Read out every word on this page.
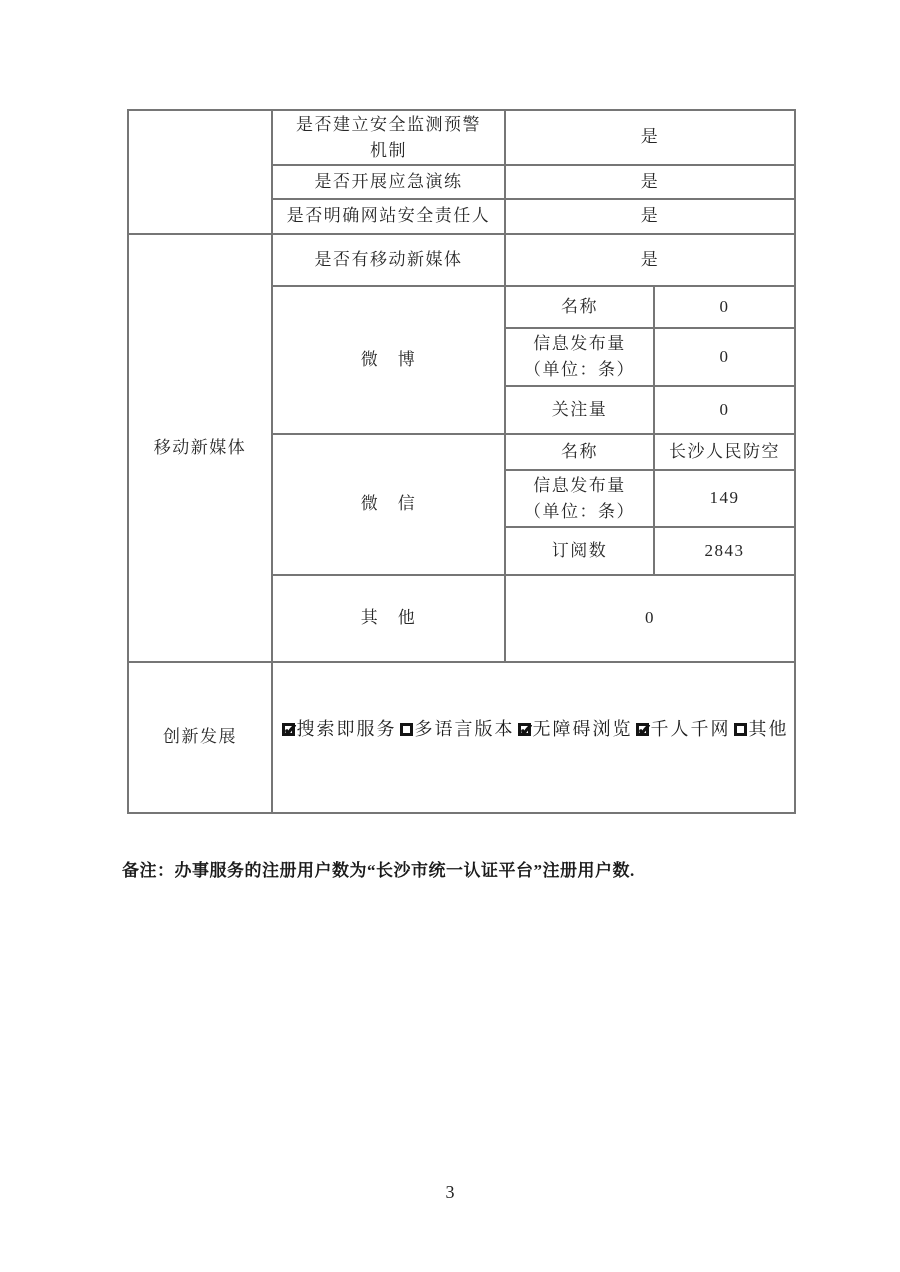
	是否建立安全监测预警
机制	是	
	是否开展应急演练	是	
	是否明确网站安全责任人	是	
移动新媒体	是否有移动新媒体	是	
	微　博	名称	0

		信息发布量
（单位：条）	0
		关注量	0
	微　信	名称	长沙人民防空

		信息发布量
（单位：条）	149
		订阅数	2843
	其　他	0	
创新发展	
✔搜索即服务 多语言版本 ✔ 无障碍浏览 ✔ 千人千网 其他
备注：办事服务的注册用户数为“长沙市统一认证平台”注册用户数.
3
